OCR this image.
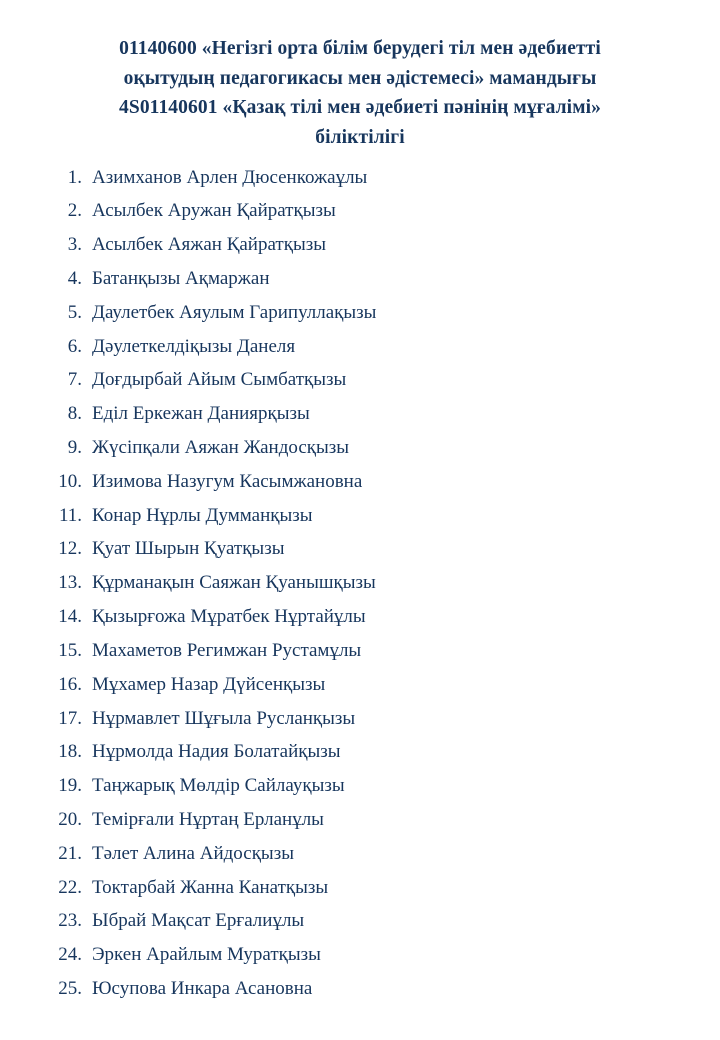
01140600 «Негізгі орта білім берудегі тіл мен әдебиетті
оқытудың педагогикасы мен әдістемесі» мамандығы
4S01140601 «Қазақ тілі мен әдебиеті пәнінің мұғалімі»
біліктілігі
1. Азимханов Арлен Дюсенкожаұлы
2. Асылбек Аружан Қайратқызы
3. Асылбек Аяжан Қайратқызы
4. Батанқызы Ақмаржан
5. Даулетбек Аяулым Гарипуллақызы
6. Дәулеткелдіқызы Данеля
7. Доғдырбай Айым Сымбатқызы
8. Еділ Еркежан Даниярқызы
9. Жүсіпқали Аяжан Жандосқызы
10. Изимова Назугум Касымжановна
11. Конар Нұрлы Думманқызы
12. Қуат Шырын Қуатқызы
13. Құрманақын Саяжан Қуанышқызы
14. Қызырғожа Мұратбек Нұртайұлы
15. Махаметов Регимжан Рустамұлы
16. Мұхамер Назар Дүйсенқызы
17. Нұрмавлет Шұғыла Русланқызы
18. Нұрмолда Надия Болатайқызы
19. Таңжарық Мөлдір Сайлауқызы
20. Темірғали Нұртаң Ерланұлы
21. Тәлет Алина Айдосқызы
22. Токтарбай Жанна Канатқызы
23. Ыбрай Мақсат Ерғалиұлы
24. Эркен Арайлым Муратқызы
25. Юсупова Инкара Асановна
